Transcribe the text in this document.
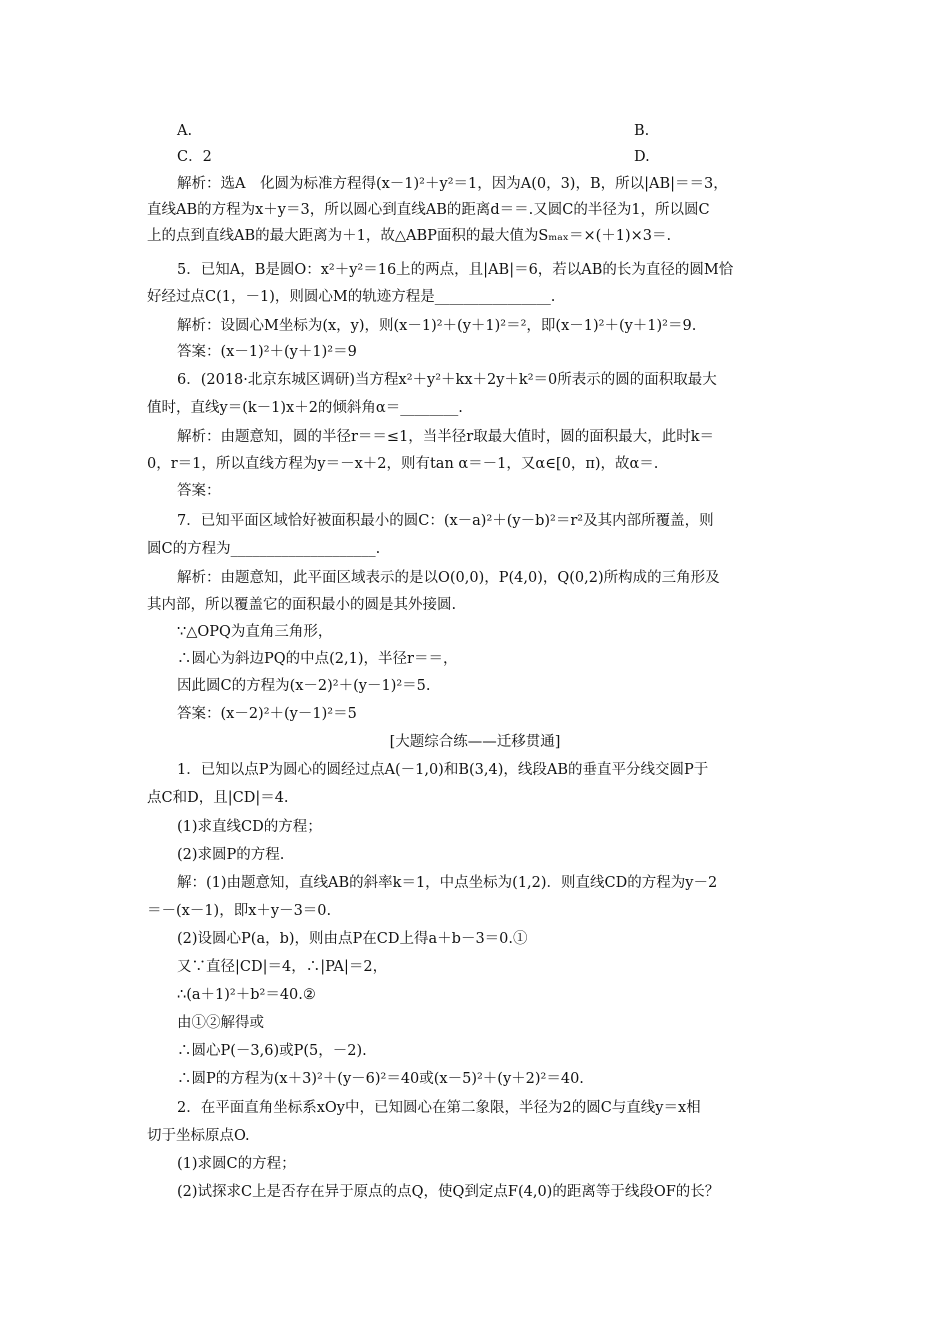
A.	B.
C．2	D.
解析：选A　化圆为标准方程得(x－1)²＋y²＝1，因为A(0，3)，B，所以|AB|＝＝3，
直线AB的方程为x＋y＝3，所以圆心到直线AB的距离d＝＝.又圆C的半径为1，所以圆C
上的点到直线AB的最大距离为＋1，故△ABP面积的最大值为Sₘₐₓ＝×(＋1)×3＝.
5．已知A，B是圆O：x²＋y²＝16上的两点，且|AB|＝6，若以AB的长为直径的圆M恰
好经过点C(1，－1)，则圆心M的轨迹方程是________________.
解析：设圆心M坐标为(x，y)，则(x－1)²＋(y＋1)²＝²，即(x－1)²＋(y＋1)²＝9.
答案：(x－1)²＋(y＋1)²＝9
6．(2018·北京东城区调研)当方程x²＋y²＋kx＋2y＋k²＝0所表示的圆的面积取最大
值时，直线y＝(k－1)x＋2的倾斜角α＝________.
解析：由题意知，圆的半径r＝＝≤1，当半径r取最大值时，圆的面积最大，此时k＝
0，r＝1，所以直线方程为y＝－x＋2，则有tan α＝－1，又α∈[0，π)，故α＝.
答案：
7．已知平面区域恰好被面积最小的圆C：(x－a)²＋(y－b)²＝r²及其内部所覆盖，则
圆C的方程为____________________.
解析：由题意知，此平面区域表示的是以O(0,0)，P(4,0)，Q(0,2)所构成的三角形及
其内部，所以覆盖它的面积最小的圆是其外接圆.
∵△OPQ为直角三角形，
∴圆心为斜边PQ的中点(2,1)，半径r＝＝，
因此圆C的方程为(x－2)²＋(y－1)²＝5.
答案：(x－2)²＋(y－1)²＝5
[大题综合练——迁移贯通]
1．已知以点P为圆心的圆经过点A(－1,0)和B(3,4)，线段AB的垂直平分线交圆P于
点C和D，且|CD|＝4.
(1)求直线CD的方程；
(2)求圆P的方程.
解：(1)由题意知，直线AB的斜率k＝1，中点坐标为(1,2)．则直线CD的方程为y－2
＝－(x－1)，即x＋y－3＝0.
(2)设圆心P(a，b)，则由点P在CD上得a＋b－3＝0.①
又∵直径|CD|＝4，∴|PA|＝2，
∴(a＋1)²＋b²＝40.②
由①②解得或
∴圆心P(－3,6)或P(5，－2).
∴圆P的方程为(x＋3)²＋(y－6)²＝40或(x－5)²＋(y＋2)²＝40.
2．在平面直角坐标系xOy中，已知圆心在第二象限，半径为2的圆C与直线y＝x相
切于坐标原点O.
(1)求圆C的方程；
(2)试探求C上是否存在异于原点的点Q，使Q到定点F(4,0)的距离等于线段OF的长？
